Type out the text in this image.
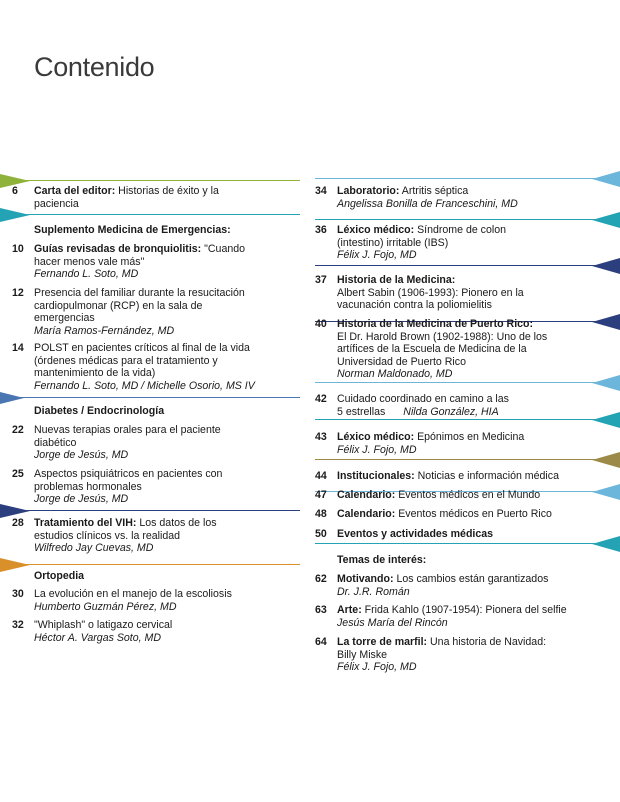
Contenido
6	Carta del editor: Historias de éxito y la
paciencia
Suplemento Medicina de Emergencias:
10 Guías revisadas de bronquiolitis: "Cuando
hacer menos vale más"
Fernando L. Soto, MD
12 Presencia del familiar durante la resucitación
cardiopulmonar (RCP) en la sala de
emergencias
María Ramos-Fernández, MD
14 POLST en pacientes críticos al final de la vida
(órdenes médicas para el tratamiento y
mantenimiento de la vida)
Fernando L. Soto, MD / Michelle Osorio, MS IV
Diabetes / Endocrinología
22 Nuevas terapias orales para el paciente
diabético
Jorge de Jesús, MD
25 Aspectos psiquiátricos en pacientes con
problemas hormonales
Jorge de Jesús, MD
28 Tratamiento del VIH: Los datos de los
estudios clínicos vs. la realidad
Wilfredo Jay Cuevas, MD
Ortopedia
30 La evolución en el manejo de la escoliosis
Humberto Guzmán Pérez, MD
32 "Whiplash" o latigazo cervical
Héctor A. Vargas Soto, MD
34 Laboratorio: Artritis séptica
Angelissa Bonilla de Franceschini, MD
36 Léxico médico: Síndrome de colon
(intestino) irritable (IBS)
Félix J. Fojo, MD
37 Historia de la Medicina:
Albert Sabin (1906-1993): Pionero en la
vacunación contra la poliomielitis
40 Historia de la Medicina de Puerto Rico:
El Dr. Harold Brown (1902-1988): Uno de los
artífices de la Escuela de Medicina de la
Universidad de Puerto Rico
Norman Maldonado, MD
42 Cuidado coordinado en camino a las
5 estrellas Nilda González, HIA
43 Léxico médico: Epónimos en Medicina
Félix J. Fojo, MD
44 Institucionales: Noticias e información médica
47 Calendario: Eventos médicos en el Mundo
48 Calendario: Eventos médicos en Puerto Rico
50 Eventos y actividades médicas
Temas de interés:
62 Motivando: Los cambios están garantizados
Dr. J.R. Román
63 Arte: Frida Kahlo (1907-1954): Pionera del selfie
Jesús María del Rincón
64 La torre de marfil: Una historia de Navidad:
Billy Miske
Félix J. Fojo, MD
